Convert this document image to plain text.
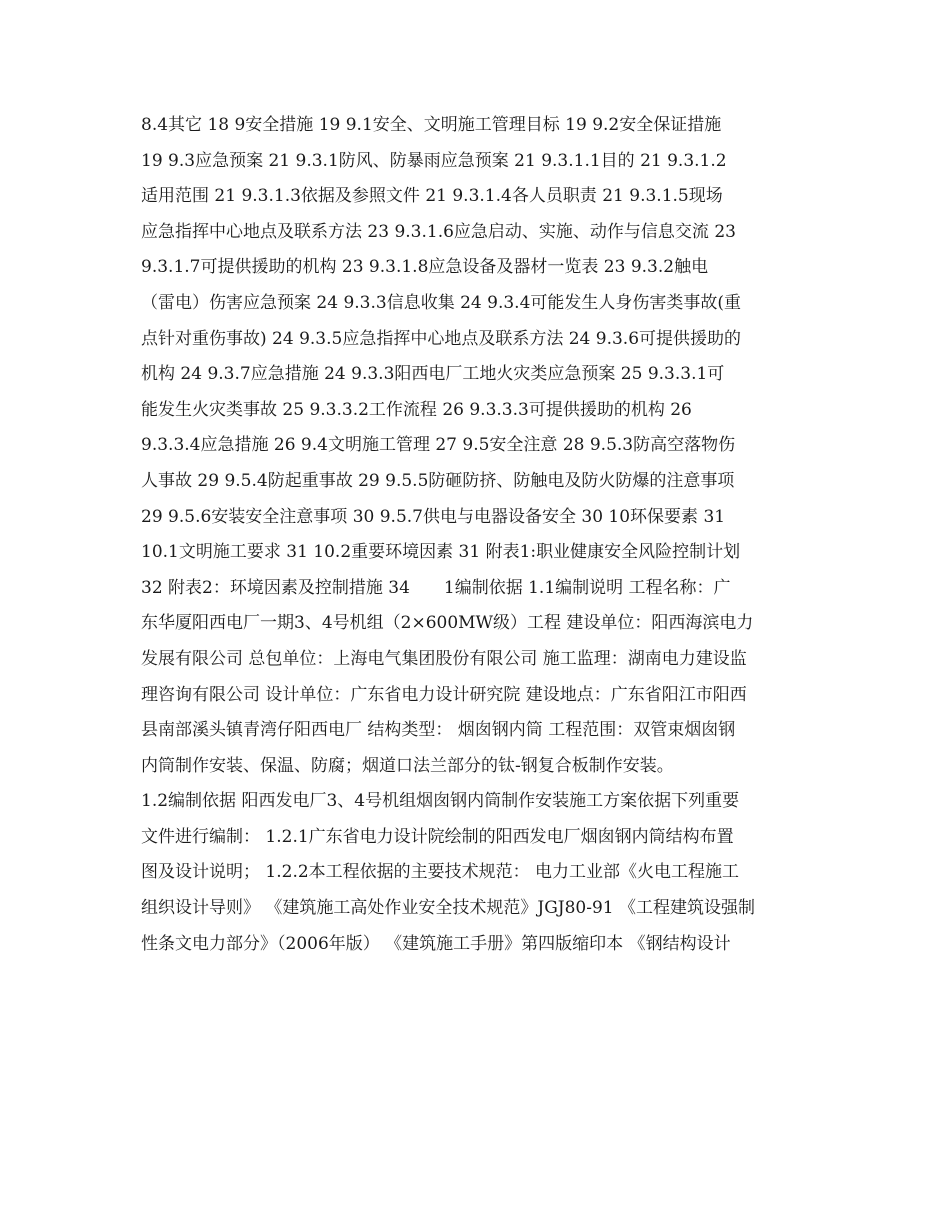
8.4其它 18 9安全措施 19 9.1安全、文明施工管理目标 19 9.2安全保证措施
19 9.3应急预案 21 9.3.1防风、防暴雨应急预案 21 9.3.1.1目的 21 9.3.1.2
适用范围 21 9.3.1.3依据及参照文件 21 9.3.1.4各人员职责 21 9.3.1.5现场
应急指挥中心地点及联系方法 23 9.3.1.6应急启动、实施、动作与信息交流 23
9.3.1.7可提供援助的机构 23 9.3.1.8应急设备及器材一览表 23 9.3.2触电
（雷电）伤害应急预案 24 9.3.3信息收集 24 9.3.4可能发生人身伤害类事故(重
点针对重伤事故) 24 9.3.5应急指挥中心地点及联系方法 24 9.3.6可提供援助的
机构 24 9.3.7应急措施 24 9.3.3阳西电厂工地火灾类应急预案 25 9.3.3.1可
能发生火灾类事故 25 9.3.3.2工作流程 26 9.3.3.3可提供援助的机构 26
9.3.3.4应急措施 26 9.4文明施工管理 27 9.5安全注意 28 9.5.3防高空落物伤
人事故 29 9.5.4防起重事故 29 9.5.5防砸防挤、防触电及防火防爆的注意事项
29 9.5.6安装安全注意事项 30 9.5.7供电与电器设备安全 30 10环保要素 31
10.1文明施工要求 31 10.2重要环境因素 31 附表1:职业健康安全风险控制计划
32 附表2：环境因素及控制措施 34　　1编制依据 1.1编制说明 工程名称：广
东华厦阳西电厂一期3、4号机组（2×600MW级）工程 建设单位：阳西海滨电力
发展有限公司 总包单位：上海电气集团股份有限公司 施工监理：湖南电力建设监
理咨询有限公司 设计单位：广东省电力设计研究院 建设地点：广东省阳江市阳西
县南部溪头镇青湾仔阳西电厂 结构类型： 烟囱钢内筒 工程范围：双管束烟囱钢
内筒制作安装、保温、防腐；烟道口法兰部分的钛-钢复合板制作安装。
1.2编制依据 阳西发电厂3、4号机组烟囱钢内筒制作安装施工方案依据下列重要
文件进行编制： 1.2.1广东省电力设计院绘制的阳西发电厂烟囱钢内筒结构布置
图及设计说明； 1.2.2本工程依据的主要技术规范： 电力工业部《火电工程施工
组织设计导则》 《建筑施工高处作业安全技术规范》JGJ80-91 《工程建筑设强制
性条文电力部分》（2006年版） 《建筑施工手册》第四版缩印本 《钢结构设计
